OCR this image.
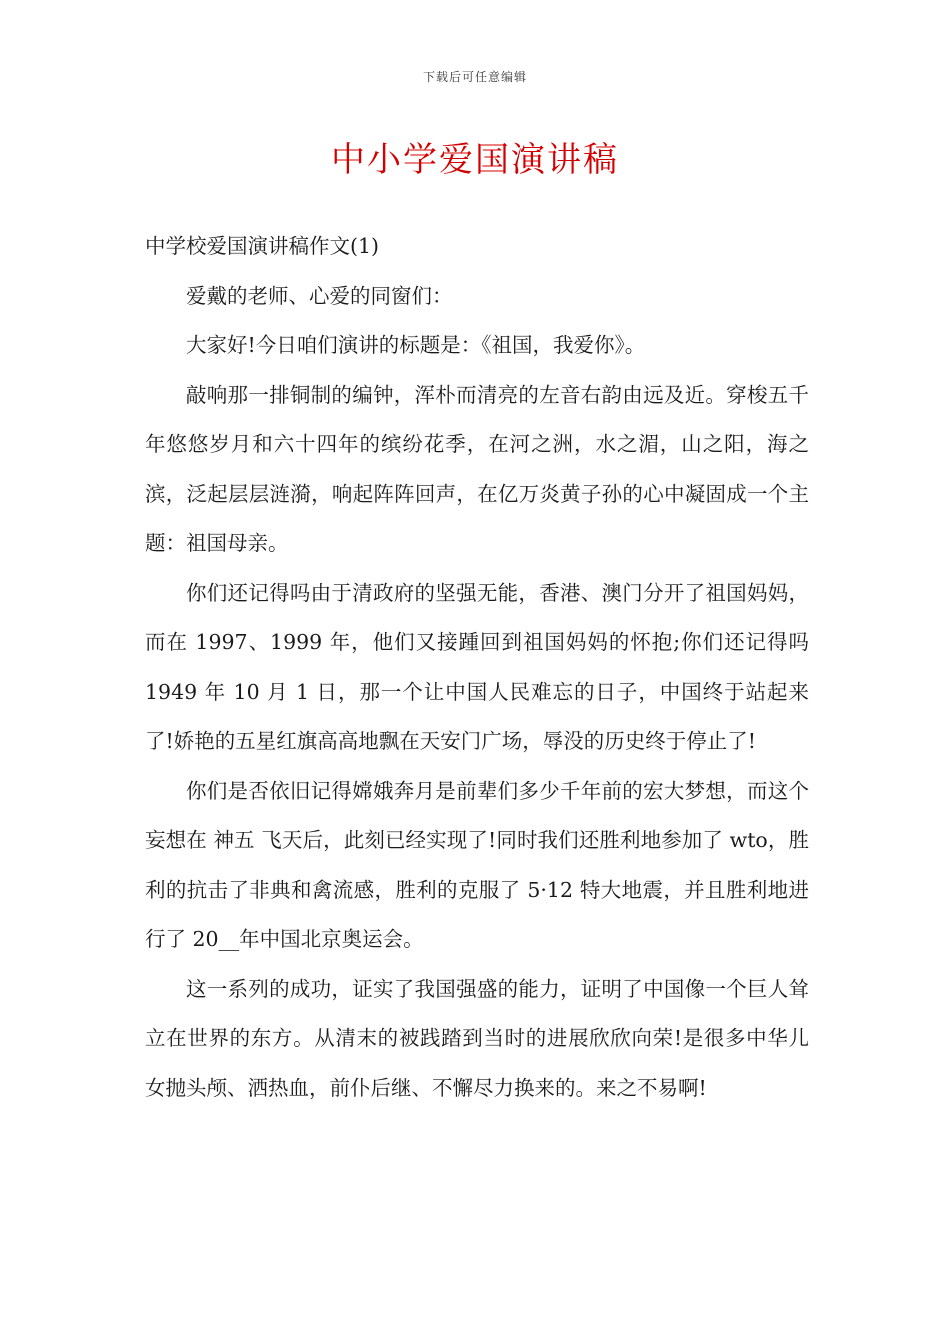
下载后可任意编辑
中小学爱国演讲稿
中学校爱国演讲稿作文(1)

爱戴的老师、心爱的同窗们：

大家好!今日咱们演讲的标题是：《祖国，我爱你》。

敲响那一排铜制的编钟，浑朴而清亮的左音右韵由远及近。穿梭五千年悠悠岁月和六十四年的缤纷花季，在河之洲，水之湄，山之阳，海之滨，泛起层层涟漪，响起阵阵回声，在亿万炎黄子孙的心中凝固成一个主题：祖国母亲。

你们还记得吗由于清政府的坚强无能，香港、澳门分开了祖国妈妈，而在 1997、1999 年，他们又接踵回到祖国妈妈的怀抱;你们还记得吗 1949 年 10 月 1 日，那一个让中国人民难忘的日子，中国终于站起来了!娇艳的五星红旗高高地飘在天安门广场，辱没的历史终于停止了!

你们是否依旧记得嫦娥奔月是前辈们多少千年前的宏大梦想，而这个妄想在 神五 飞天后，此刻已经实现了!同时我们还胜利地参加了 wto，胜利的抗击了非典和禽流感，胜利的克服了 5·12 特大地震，并且胜利地进行了 20__年中国北京奥运会。

这一系列的成功，证实了我国强盛的能力，证明了中国像一个巨人耸立在世界的东方。从清末的被践踏到当时的进展欣欣向荣!是很多中华儿女抛头颅、洒热血，前仆后继、不懈尽力换来的。来之不易啊!
